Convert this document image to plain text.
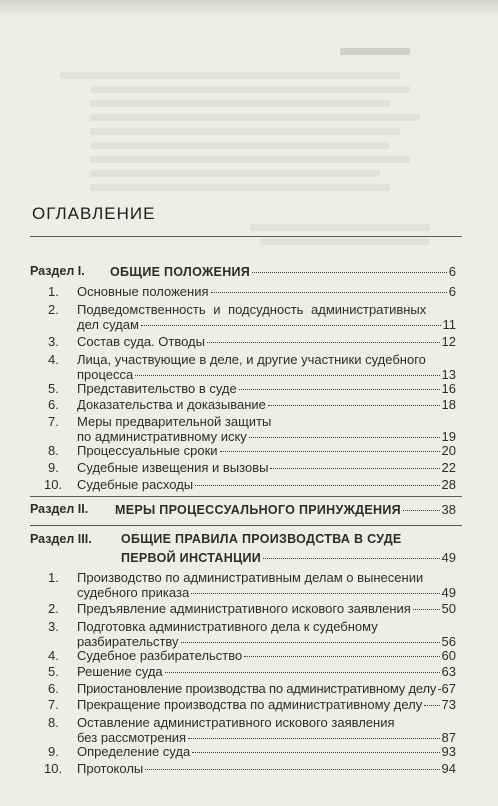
ОГЛАВЛЕНИЕ
Раздел I. ОБЩИЕ ПОЛОЖЕНИЯ	6
1. Основные положения	6
2. Подведомственность и подсудность административных
дел судам	11
3. Состав суда. Отводы	12
4. Лица, участвующие в деле, и другие участники судебного
процесса	13
5. Представительство в суде	16
6. Доказательства и доказывание	18
7. Меры предварительной защиты
по административному иску	19
8. Процессуальные сроки	20
9. Судебные извещения и вызовы	22
10. Судебные расходы	28
Раздел II. МЕРЫ ПРОЦЕССУАЛЬНОГО ПРИНУЖДЕНИЯ	38
Раздел III. ОБЩИЕ ПРАВИЛА ПРОИЗВОДСТВА В СУДЕ
ПЕРВОЙ ИНСТАНЦИИ	49
1. Производство по административным делам о вынесении
судебного приказа	49
2. Предъявление административного искового заявления 50
3. Подготовка административного дела к судебному
разбирательству	56
4. Судебное разбирательство	60
5. Решение суда	63
6. Приостановление производства по административному делу 67
7. Прекращение производства по административному делу 73
8. Оставление административного искового заявления
без рассмотрения	87
9. Определение суда	93
10. Протоколы	94
